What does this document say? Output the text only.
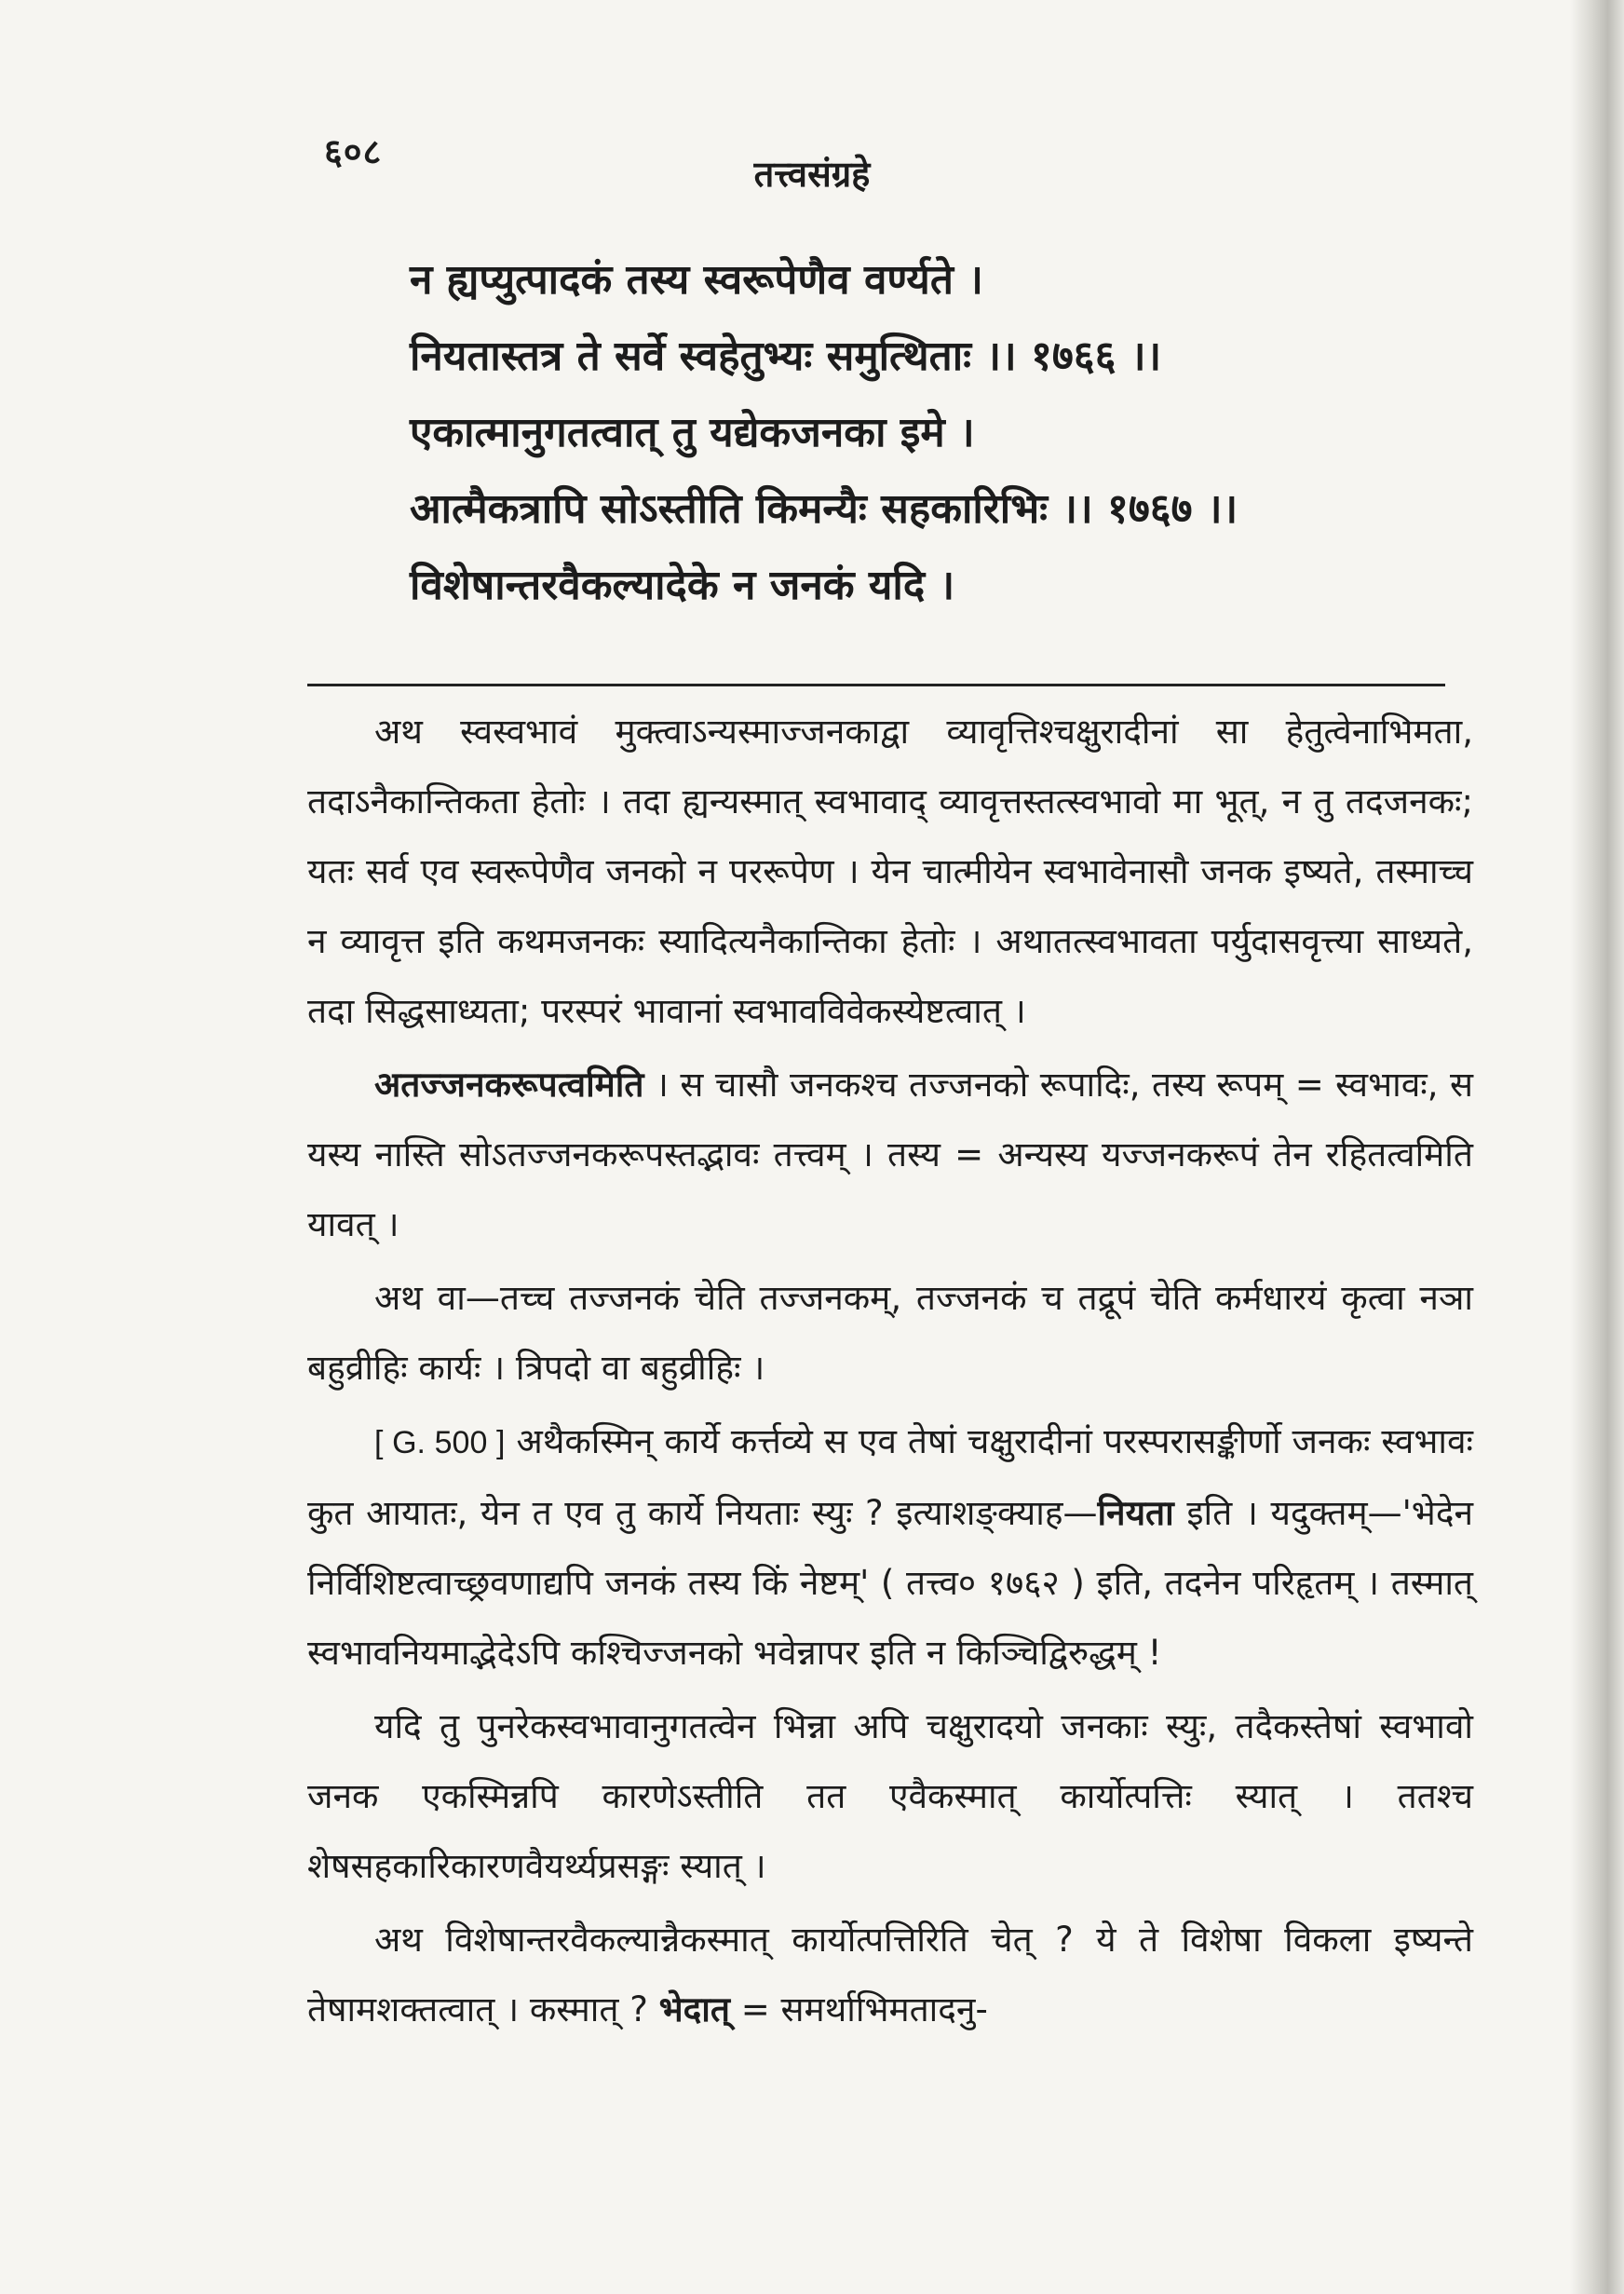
६०८
तत्त्वसंग्रहे
न ह्यप्युत्पादकं तस्य स्वरूपेणैव वर्ण्यते ।
नियतास्तत्र ते सर्वे स्वहेतुभ्यः समुत्थिताः ।। १७६६ ।।
एकात्मानुगतत्वात् तु यद्येकजनका इमे ।
आत्मैकत्रापि सोऽस्तीति किमन्यैः सहकारिभिः ।। १७६७ ।।
विशेषान्तरवैकल्यादेके न जनकं यदि ।

अथ स्वस्वभावं मुक्त्वाऽन्यस्माज्जनकाद्वा व्यावृत्तिश्चक्षुरादीनां सा हेतुत्वेनाभिमता, तदाऽनैकान्तिकता हेतोः । तदा ह्यन्यस्मात् स्वभावाद् व्यावृत्तस्तत्स्वभावो मा भूत्, न तु तदजनकः; यतः सर्व एव स्वरूपेणैव जनको न पररूपेण । येन चात्मीयेन स्वभावेनासौ जनक इष्यते, तस्माच्च न व्यावृत्त इति कथमजनकः स्यादित्यनैकान्तिका हेतोः । अथातत्स्वभावता पर्युदासवृत्त्या साध्यते, तदा सिद्धसाध्यता; परस्परं भावानां स्वभावविवेकस्येष्टत्वात् ।

अतज्जनकरूपत्वमिति । स चासौ जनकश्च तज्जनको रूपादिः, तस्य रूपम् = स्वभावः, स यस्य नास्ति सोऽतज्जनकरूपस्तद्भावः तत्त्वम् । तस्य = अन्यस्य यज्जनकरूपं तेन रहितत्वमिति यावत् ।

अथ वा—तच्च तज्जनकं चेति तज्जनकम्, तज्जनकं च तद्रूपं चेति कर्मधारयं कृत्वा नञा बहुव्रीहिः कार्यः । त्रिपदो वा बहुव्रीहिः ।

[ G. 500 ] अथैकस्मिन् कार्ये कर्त्तव्ये स एव तेषां चक्षुरादीनां परस्परासङ्कीर्णो जनकः स्वभावः कुत आयातः, येन त एव तु कार्ये नियताः स्युः ? इत्याशङ्क्याह—नियता इति । यदुक्तम्—'भेदेन निर्विशिष्टत्वाच्छ्रवणाद्यपि जनकं तस्य किं नेष्टम्' ( तत्त्व० १७६२ ) इति, तदनेन परिहृतम् । तस्मात् स्वभावनियमाद्भेदेऽपि कश्चिज्जनको भवेन्नापर इति न किञ्चिद्विरुद्धम् !

यदि तु पुनरेकस्वभावानुगतत्वेन भिन्ना अपि चक्षुरादयो जनकाः स्युः, तदैकस्तेषां स्वभावो जनक एकस्मिन्नपि कारणेऽस्तीति तत एवैकस्मात् कार्योत्पत्तिः स्यात् । ततश्च शेषसहकारिकारणवैयर्थ्यप्रसङ्गः स्यात् ।

अथ विशेषान्तरवैकल्यान्नैकस्मात् कार्योत्पत्तिरिति चेत् ? ये ते विशेषा विकला इष्यन्ते तेषामशक्तत्वात् । कस्मात् ? भेदात् = समर्थाभिमतादनु-
